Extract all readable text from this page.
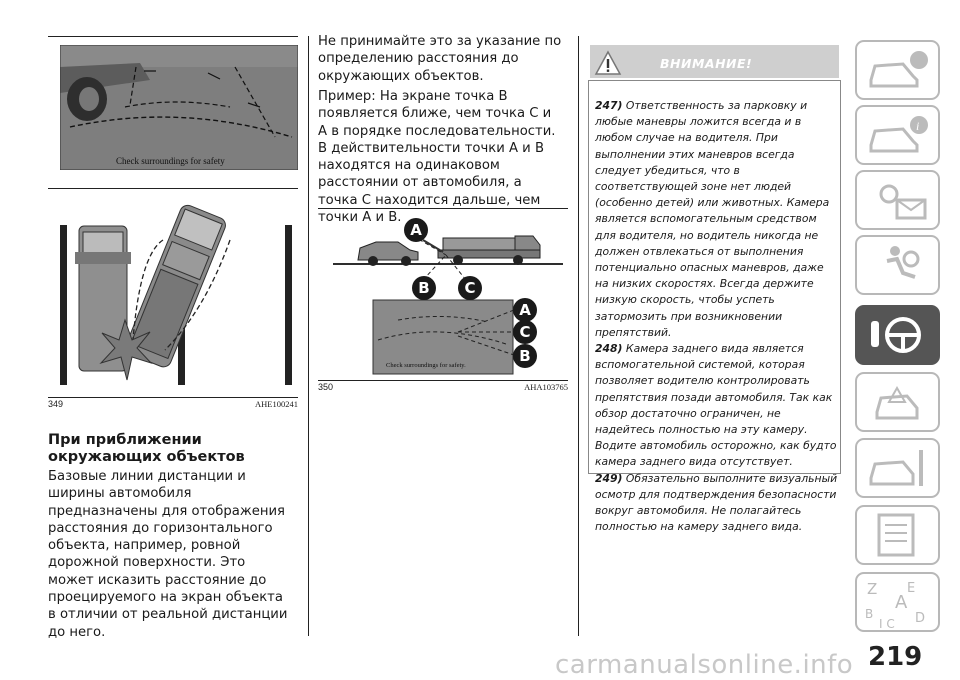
Check surroundings for safety
349	AHE100241
При приближении окружающих объектов
Базовые линии дистанции и ширины автомобиля предназначены для отображения расстояния до горизонтального объекта, например, ровной дорожной поверхности. Это может исказить расстояние до проецируемого на экран объекта в отличии от реальной дистанции до него.
Не принимайте это за указание по определению расстояния до окружающих объектов.
Пример: На экране точка B появляется ближе, чем точка C и A в порядке последовательности. В действительности точки A и B находятся на одинаковом расстоянии от автомобиля, а точка C находится дальше, чем точки A и B.
A
B	C
A
C
B
Check surroundings for safety.
350	AHA103765
ВНИМАНИЕ!

247) Ответственность за парковку и любые маневры ложится всегда и в любом случае на водителя. При выполнении этих маневров всегда следует убедиться, что в соответствующей зоне нет людей (особенно детей) или животных. Камера является вспомогательным средством для водителя, но водитель никогда не должен отвлекаться от выполнения потенциально опасных маневров, даже на низких скоростях. Всегда держите низкую скорость, чтобы успеть затормозить при возникновении препятствий.

248) Камера заднего вида является вспомогательной системой, которая позволяет водителю контролировать препятствия позади автомобиля. Так как обзор достаточно ограничен, не надейтесь полностью на эту камеру. Водите автомобиль осторожно, как будто камера заднего вида отсутствует.

249) Обязательно выполните визуальный осмотр для подтверждения безопасности вокруг автомобиля. Не полагайтесь полностью на камеру заднего вида.

i
Z E
A
B
I C D
219
carmanualsonline.info
